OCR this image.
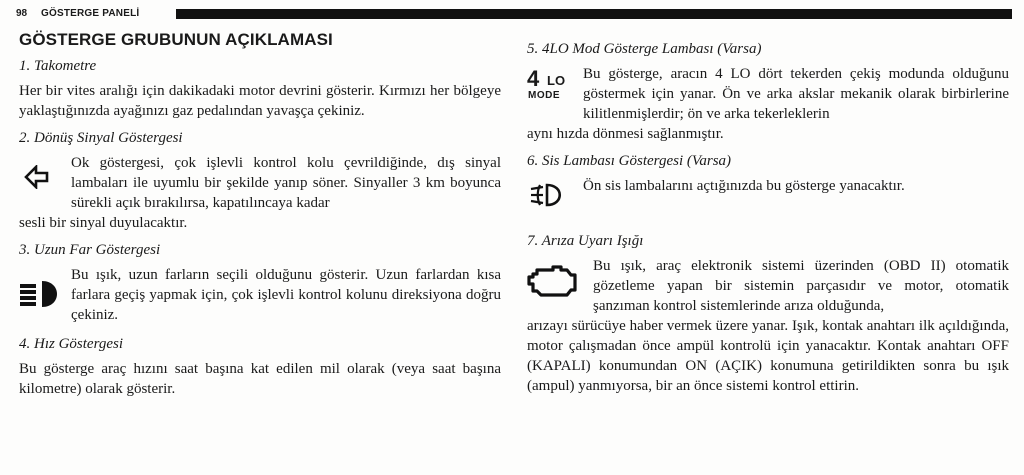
98 GÖSTERGE PANELİ
GÖSTERGE GRUBUNUN AÇIKLAMASI
1. Takometre

Her bir vites aralığı için dakikadaki motor devrini gösterir. Kırmızı her bölgeye yaklaştığınızda ayağınızı gaz pedalından yavaşça çekiniz.

2. Dönüş Sinyal Göstergesi
Ok göstergesi, çok işlevli kontrol kolu çevrildiğinde, dış sinyal lambaları ile uyumlu bir şekilde yanıp söner. Sinyaller 3 km boyunca sürekli açık bırakılırsa, kapatılıncaya kadar

sesli bir sinyal duyulacaktır.

3. Uzun Far Göstergesi
Bu ışık, uzun farların seçili olduğunu gösterir. Uzun farlardan kısa farlara geçiş yapmak için, çok işlevli kontrol kolunu direksiyona doğru çekiniz.
4. Hız Göstergesi

Bu gösterge araç hızını saat başına kat edilen mil olarak (veya saat başına kilometre) olarak gösterir.

5. 4LO Mod Gösterge Lambası (Varsa)
4 LO
MODE
Bu gösterge, aracın 4 LO dört tekerden çekiş modunda olduğunu göstermek için yanar. Ön ve arka akslar mekanik olarak birbirlerine kilitlenmişlerdir; ön ve arka tekerleklerin

aynı hızda dönmesi sağlanmıştır.

6. Sis Lambası Göstergesi (Varsa)
Ön sis lambalarını açtığınızda bu gösterge yanacaktır.
7. Arıza Uyarı Işığı
Bu ışık, araç elektronik sistemi üzerinden (OBD II) otomatik gözetleme yapan bir sistemin parçasıdır ve motor, otomatik şanzıman kontrol sistemlerinde arıza olduğunda,

arızayı sürücüye haber vermek üzere yanar. Işık, kontak anahtarı ilk açıldığında, motor çalışmadan önce ampül kontrolü için yanacaktır. Kontak anahtarı OFF (KAPALI) konumundan ON (AÇIK) konumuna getirildikten sonra bu ışık (ampul) yanmıyorsa, bir an önce sistemi kontrol ettirin.
